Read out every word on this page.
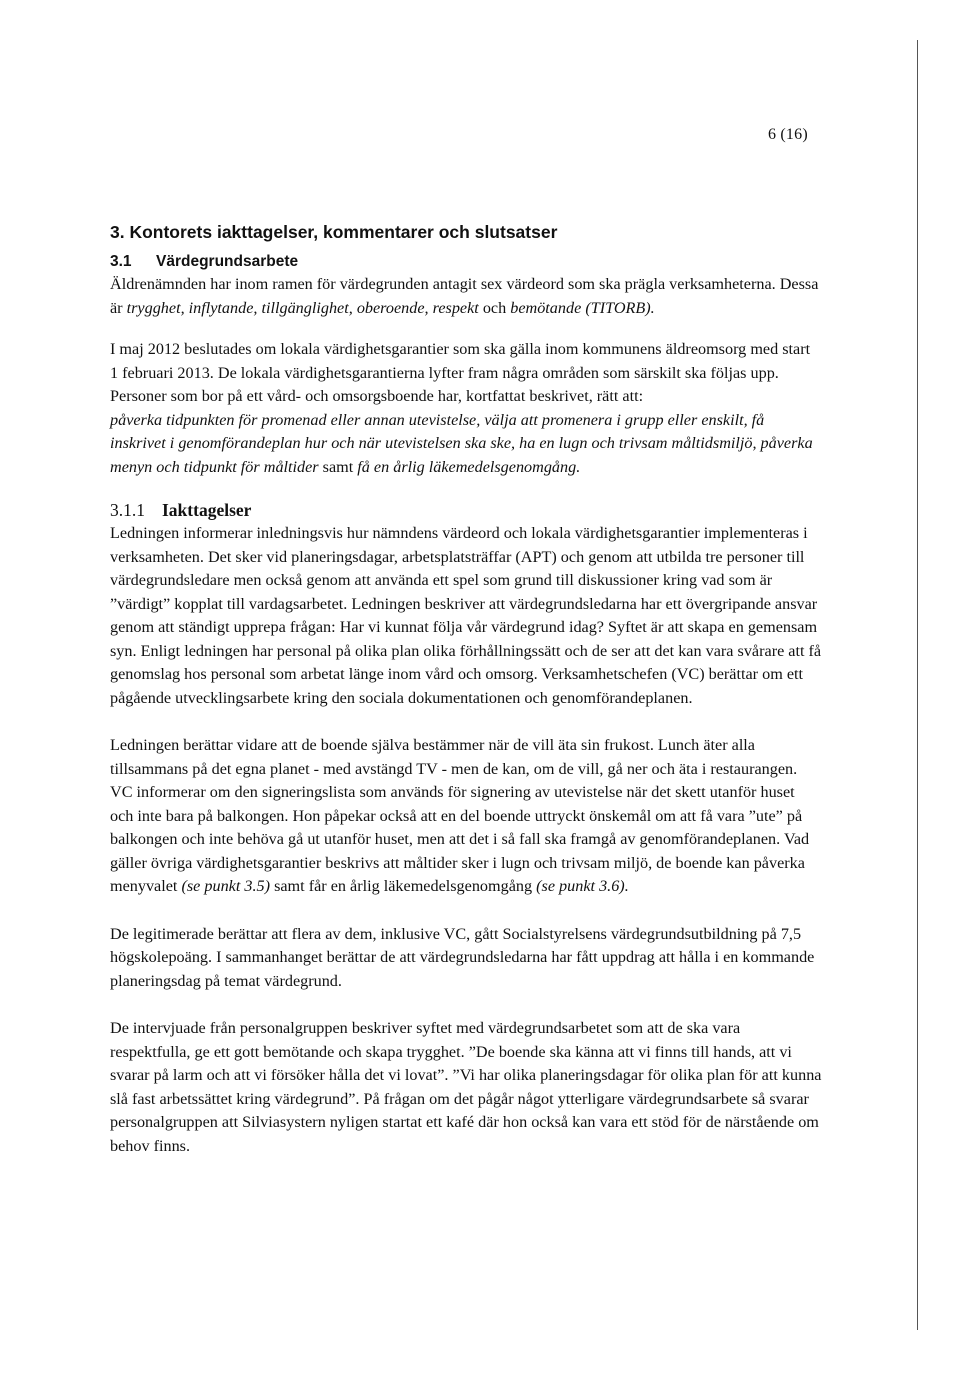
6 (16)
3. Kontorets iakttagelser, kommentarer och slutsatser
3.1 Värdegrundsarbete

Äldrenämnden har inom ramen för värdegrunden antagit sex värdeord som ska prägla verksamheterna. Dessa är trygghet, inflytande, tillgänglighet, oberoende, respekt och bemötande (TITORB).

I maj 2012 beslutades om lokala värdighetsgarantier som ska gälla inom kommunens äldreomsorg med start 1 februari 2013. De lokala värdighetsgarantierna lyfter fram några områden som särskilt ska följas upp. Personer som bor på ett vård- och omsorgsboende har, kortfattat beskrivet, rätt att:
påverka tidpunkten för promenad eller annan utevistelse, välja att promenera i grupp eller enskilt, få inskrivet i genomförandeplan hur och när utevistelsen ska ske, ha en lugn och trivsam måltidsmiljö, påverka menyn och tidpunkt för måltider samt få en årlig läkemedelsgenomgång.

3.1.1 Iakttagelser

Ledningen informerar inledningsvis hur nämndens värdeord och lokala värdighetsgarantier implementeras i verksamheten. Det sker vid planeringsdagar, arbetsplatsträffar (APT) och genom att utbilda tre personer till värdegrundsledare men också genom att använda ett spel som grund till diskussioner kring vad som är ”värdigt” kopplat till vardagsarbetet. Ledningen beskriver att värdegrundsledarna har ett övergripande ansvar genom att ständigt upprepa frågan: Har vi kunnat följa vår värdegrund idag? Syftet är att skapa en gemensam syn. Enligt ledningen har personal på olika plan olika förhållningssätt och de ser att det kan vara svårare att få genomslag hos personal som arbetat länge inom vård och omsorg. Verksamhetschefen (VC) berättar om ett pågående utvecklingsarbete kring den sociala dokumentationen och genomförandeplanen.

Ledningen berättar vidare att de boende själva bestämmer när de vill äta sin frukost. Lunch äter alla tillsammans på det egna planet - med avstängd TV - men de kan, om de vill, gå ner och äta i restaurangen. VC informerar om den signeringslista som används för signering av utevistelse när det skett utanför huset och inte bara på balkongen. Hon påpekar också att en del boende uttryckt önskemål om att få vara ”ute” på balkongen och inte behöva gå ut utanför huset, men att det i så fall ska framgå av genomförandeplanen. Vad gäller övriga värdighetsgarantier beskrivs att måltider sker i lugn och trivsam miljö, de boende kan påverka menyvalet (se punkt 3.5) samt får en årlig läkemedelsgenomgång (se punkt 3.6).

De legitimerade berättar att flera av dem, inklusive VC, gått Socialstyrelsens värdegrundsutbildning på 7,5 högskolepoäng. I sammanhanget berättar de att värdegrundsledarna har fått uppdrag att hålla i en kommande planeringsdag på temat värdegrund.

De intervjuade från personalgruppen beskriver syftet med värdegrundsarbetet som att de ska vara respektfulla, ge ett gott bemötande och skapa trygghet. ”De boende ska känna att vi finns till hands, att vi svarar på larm och att vi försöker hålla det vi lovat”. ”Vi har olika planeringsdagar för olika plan för att kunna slå fast arbetssättet kring värdegrund”. På frågan om det pågår något ytterligare värdegrundsarbete så svarar personalgruppen att Silviasystern nyligen startat ett kafé där hon också kan vara ett stöd för de närstående om behov finns.
